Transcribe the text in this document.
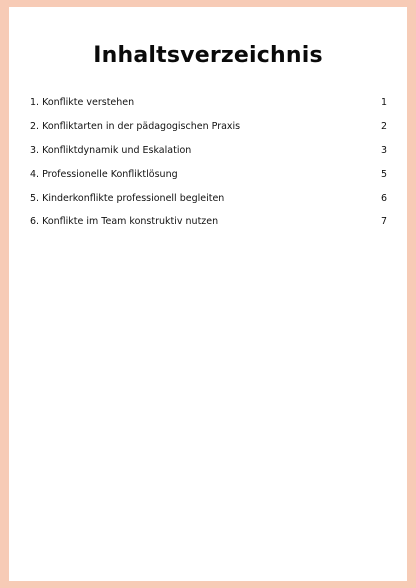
Inhaltsverzeichnis
1. Konflikte verstehen	1
2. Konfliktarten in der pädagogischen Praxis	2
3. Konfliktdynamik und Eskalation	3
4. Professionelle Konfliktlösung	5
5. Kinderkonflikte professionell begleiten	6
6. Konflikte im Team konstruktiv nutzen	7
